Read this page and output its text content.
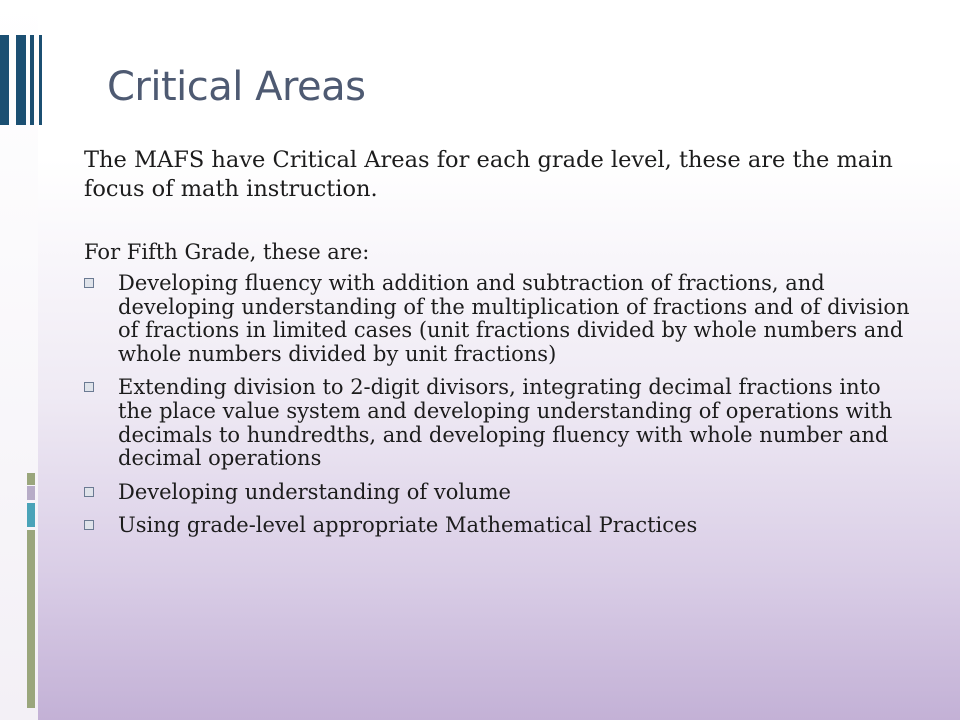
Critical Areas

The MAFS have Critical Areas for each grade level, these are the main focus of math instruction.

For Fifth Grade, these are:

Developing fluency with addition and subtraction of fractions, and developing understanding of the multiplication of fractions and of division of fractions in limited cases (unit fractions divided by whole numbers and whole numbers divided by unit fractions)
Extending division to 2-digit divisors, integrating decimal fractions into the place value system and developing understanding of operations with decimals to hundredths, and developing fluency with whole number and decimal operations
Developing understanding of volume
Using grade-level appropriate Mathematical Practices
